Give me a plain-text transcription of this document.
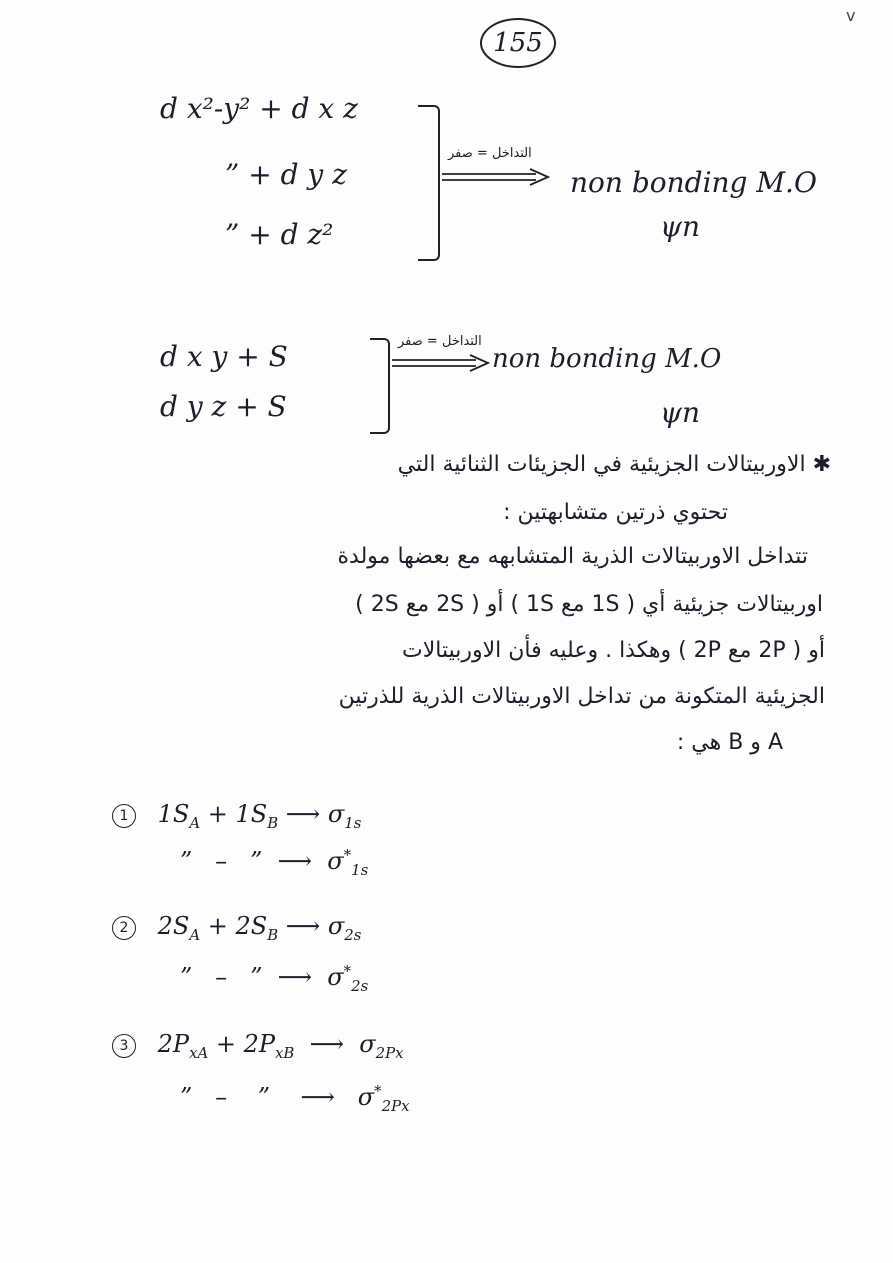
v
155
d x²-y² + d x z
” + d y z
” + d z²
التداخل = صفر
non bonding M.O
ψn
d x y + S
d y z + S
التداخل = صفر
non bonding M.O
ψn
✱ الاوربيتالات الجزيئية في الجزيئات الثنائية التي
تحتوي ذرتين متشابهتين :
تتداخل الاوربيتالات الذرية المتشابهه مع بعضها مولدة
اوربيتالات جزيئية أي ( 1S مع 1S ) أو ( 2S مع 2S )
أو ( 2P مع 2P ) وهكذا . وعليه فأن الاوربيتالات
الجزيئية المتكونة من تداخل الاوربيتالات الذرية للذرتين
A و B هي :
1 $1S_A + 1S_B$ ⟶ $\sigma_{1s}$
” – ” ⟶ $\sigma^*_{1s}$
2 $2S_A + 2S_B$ ⟶ $\sigma_{2s}$
” – ” ⟶ $\sigma^*_{2s}$
3 $2P_{xA} + 2P_{xB}$ ⟶ $\sigma_{2Px}$
” – ” ⟶ $\sigma^*_{2Px}$
